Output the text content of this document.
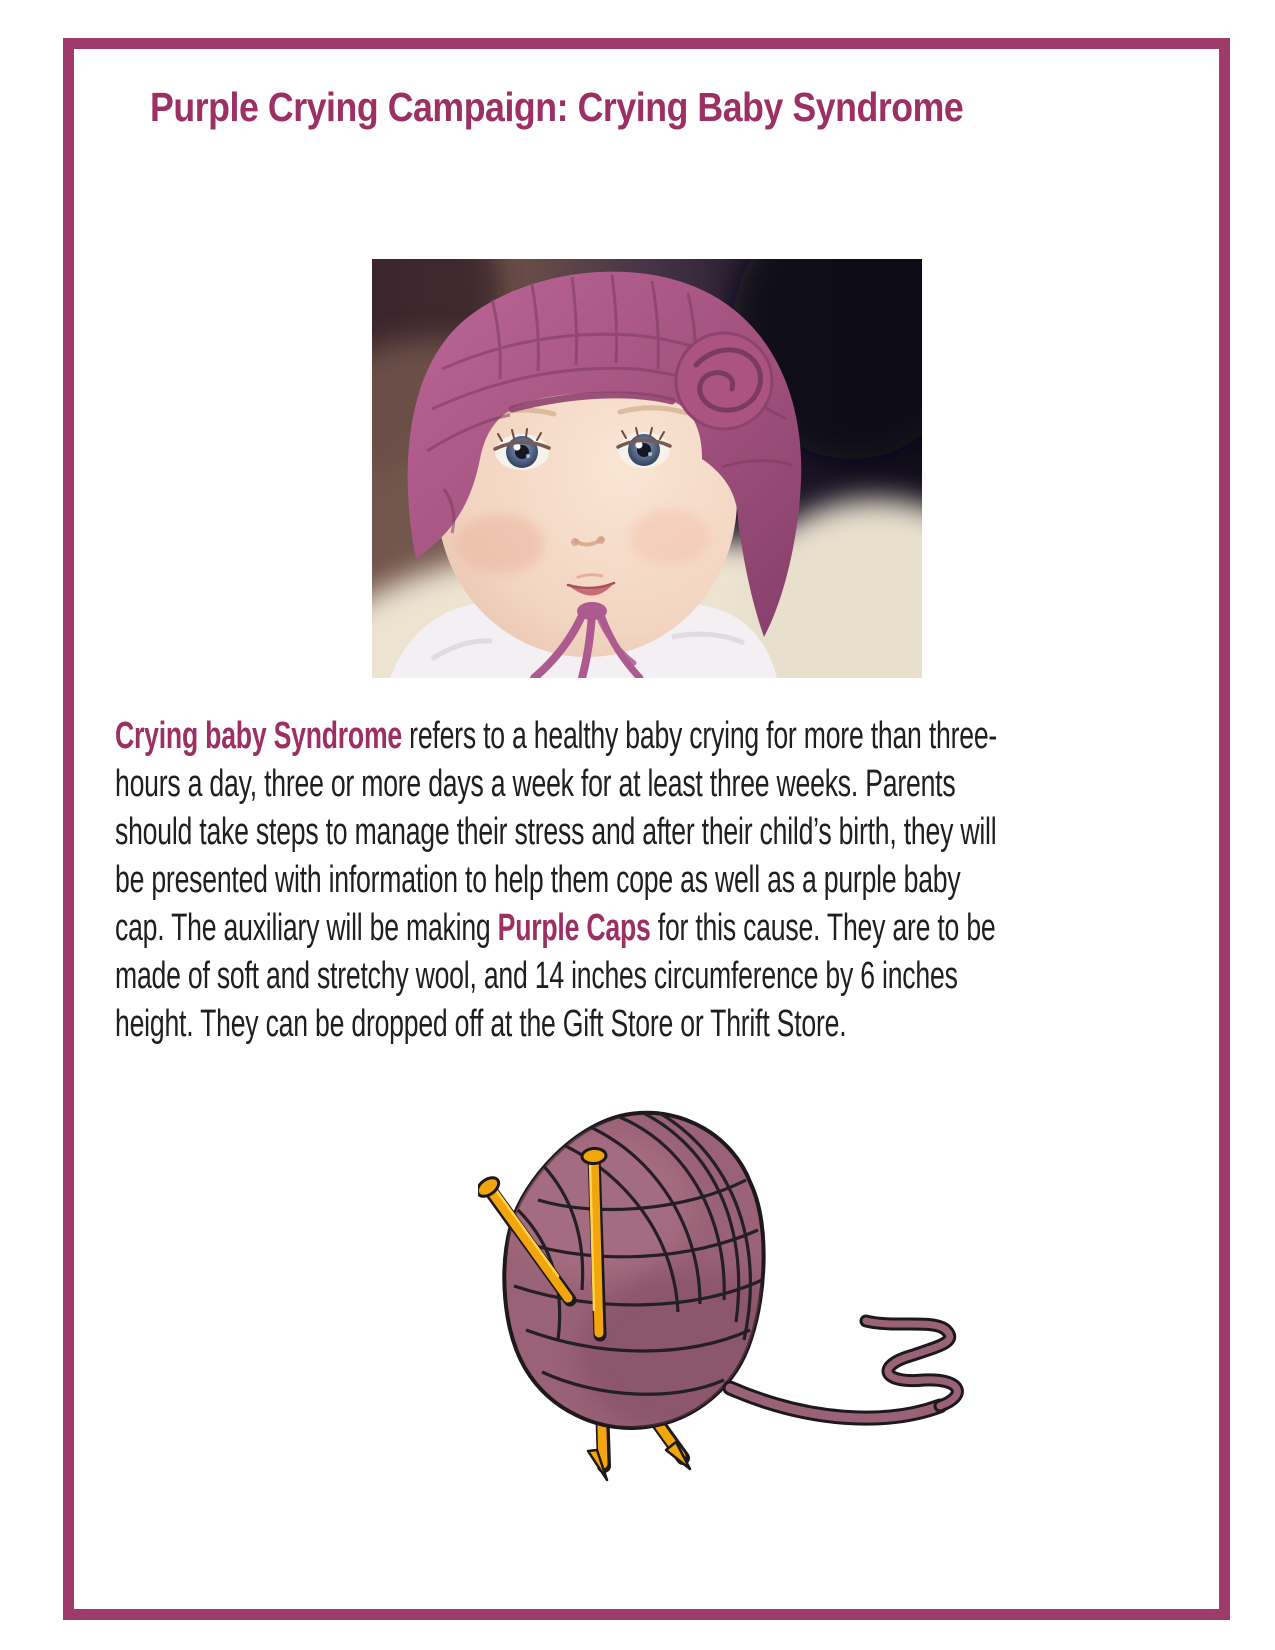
Purple Crying Campaign: Crying Baby Syndrome
Crying baby Syndrome refers to a healthy baby crying for more than three-
hours a day, three or more days a week for at least three weeks. Parents
should take steps to manage their stress and after their child’s birth, they will
be presented with information to help them cope as well as a purple baby
cap. The auxiliary will be making Purple Caps for this cause. They are to be
made of soft and stretchy wool, and 14 inches circumference by 6 inches
height. They can be dropped off at the Gift Store or Thrift Store.
